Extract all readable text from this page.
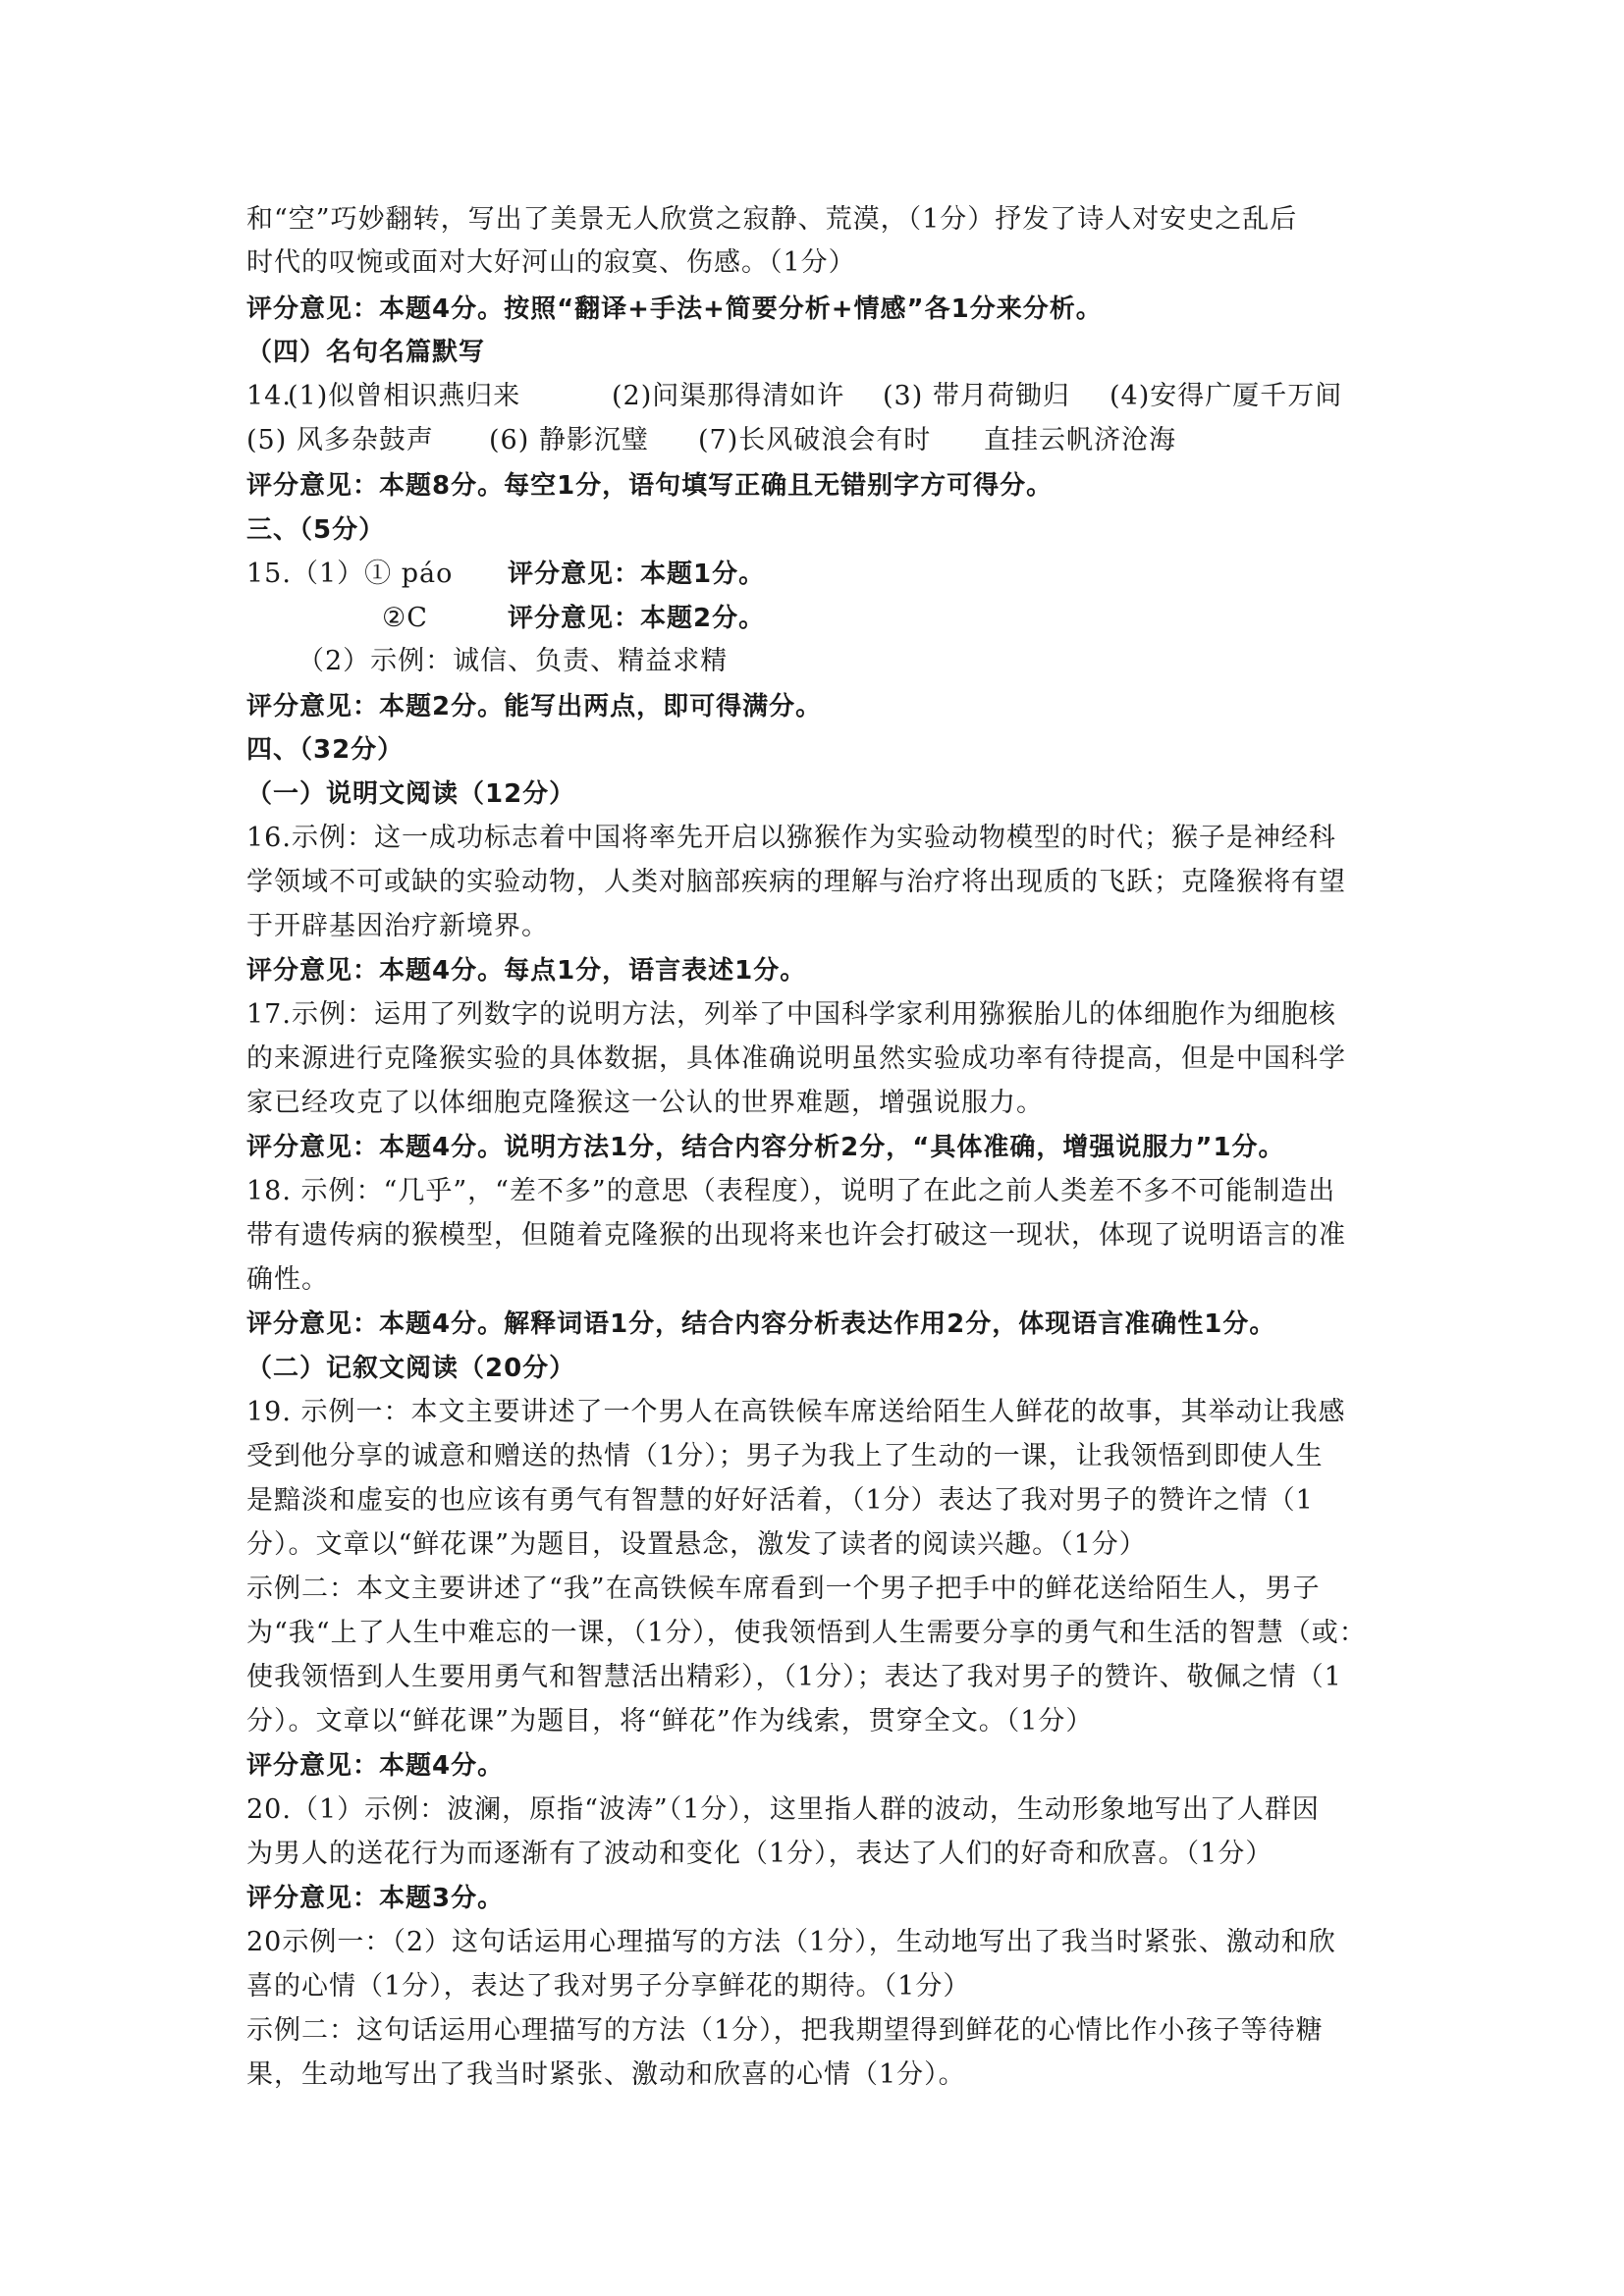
和“空”巧妙翻转，写出了美景无人欣赏之寂静、荒漠，（1分）抒发了诗人对安史之乱后
时代的叹惋或面对大好河山的寂寞、伤感。（1分）
评分意见：本题4分。按照“翻译+手法+简要分析+情感”各1分来分析。
（四）名句名篇默写
14.
(1)似曾相识燕归来	(2)问渠那得清如许 (3) 带月荷锄归 (4)安得广厦千万间
(5) 风多杂鼓声 (6) 静影沉璧 (7)长风破浪会有时 直挂云帆济沧海
评分意见：本题8分。每空1分，语句填写正确且无错别字方可得分。
三、（5分）
15.（1）① páo 评分意见：本题1分。
②C	评分意见：本题2分。
（2）示例：诚信、负责、精益求精
评分意见：本题2分。能写出两点，即可得满分。
四、（32分）
（一）说明文阅读（12分）
16.示例：这一成功标志着中国将率先开启以猕猴作为实验动物模型的时代；猴子是神经科
学领域不可或缺的实验动物，人类对脑部疾病的理解与治疗将出现质的飞跃；克隆猴将有望
于开辟基因治疗新境界。
评分意见：本题4分。每点1分，语言表述1分。
17.示例：运用了列数字的说明方法，列举了中国科学家利用猕猴胎儿的体细胞作为细胞核
的来源进行克隆猴实验的具体数据，具体准确说明虽然实验成功率有待提高，但是中国科学
家已经攻克了以体细胞克隆猴这一公认的世界难题，增强说服力。
评分意见：本题4分。说明方法1分，结合内容分析2分，“具体准确，增强说服力”1分。
18. 示例：“几乎”，“差不多”的意思（表程度），说明了在此之前人类差不多不可能制造出
带有遗传病的猴模型，但随着克隆猴的出现将来也许会打破这一现状，体现了说明语言的准
确性。
评分意见：本题4分。解释词语1分，结合内容分析表达作用2分，体现语言准确性1分。
（二）记叙文阅读（20分）
19. 示例一：本文主要讲述了一个男人在高铁候车席送给陌生人鲜花的故事，其举动让我感
受到他分享的诚意和赠送的热情（1分）；男子为我上了生动的一课，让我领悟到即使人生
是黯淡和虚妄的也应该有勇气有智慧的好好活着，（1分）表达了我对男子的赞许之情（1
分）。文章以“鲜花课”为题目，设置悬念，激发了读者的阅读兴趣。（1分）
示例二：本文主要讲述了“我”在高铁候车席看到一个男子把手中的鲜花送给陌生人，男子
为“我“上了人生中难忘的一课，（1分），使我领悟到人生需要分享的勇气和生活的智慧（或：
使我领悟到人生要用勇气和智慧活出精彩），（1分）；表达了我对男子的赞许、敬佩之情（1
分）。文章以“鲜花课”为题目，将“鲜花”作为线索，贯穿全文。（1分）
评分意见：本题4分。
20.（1）示例：波澜，原指“波涛”（1分），这里指人群的波动，生动形象地写出了人群因
为男人的送花行为而逐渐有了波动和变化（1分），表达了人们的好奇和欣喜。（1分）
评分意见：本题3分。
20示例一：（2）这句话运用心理描写的方法（1分），生动地写出了我当时紧张、激动和欣
喜的心情（1分），表达了我对男子分享鲜花的期待。（1分）
示例二：这句话运用心理描写的方法（1分），把我期望得到鲜花的心情比作小孩子等待糖
果，生动地写出了我当时紧张、激动和欣喜的心情（1分）。
